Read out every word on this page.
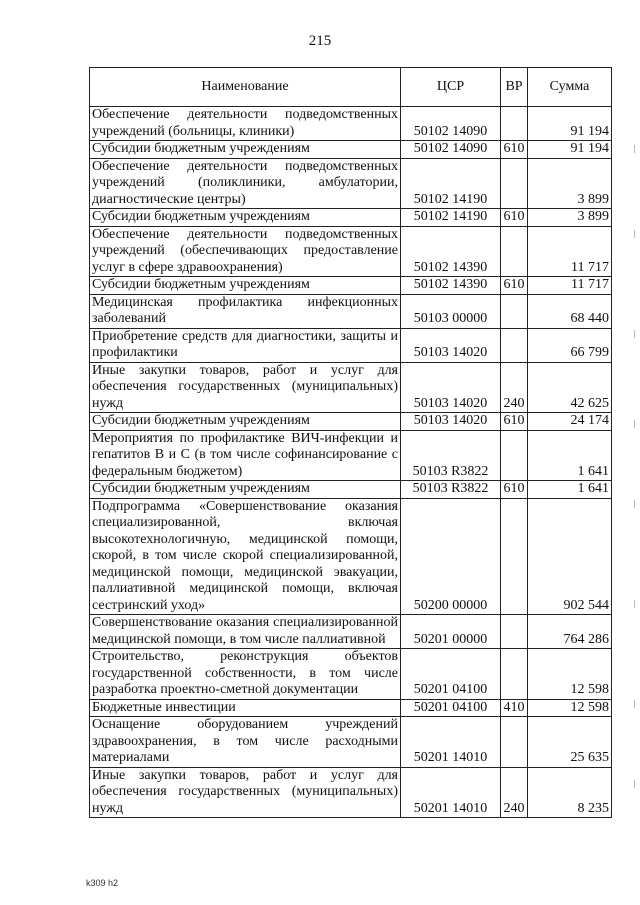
215
Наименование	ЦСР	ВР	Сумма
Обеспечение деятельности подведомственных учреждений (больницы, клиники)	50102 14090		91 194
Субсидии бюджетным учреждениям	50102 14090	610	91 194
Обеспечение деятельности подведомственных учреждений (поликлиники, амбулатории, диагностические центры)	50102 14190		3 899
Субсидии бюджетным учреждениям	50102 14190	610	3 899
Обеспечение деятельности подведомственных учреждений (обеспечивающих предоставление услуг в сфере здравоохранения)	50102 14390		11 717
Субсидии бюджетным учреждениям	50102 14390	610	11 717
Медицинская профилактика инфекционных заболеваний	50103 00000		68 440
Приобретение средств для диагностики, защиты и профилактики	50103 14020		66 799
Иные закупки товаров, работ и услуг для обеспечения государственных (муниципальных) нужд	50103 14020	240	42 625
Субсидии бюджетным учреждениям	50103 14020	610	24 174
Мероприятия по профилактике ВИЧ-инфекции и гепатитов В и С (в том числе софинансирование с федеральным бюджетом)	50103 R3822		1 641
Субсидии бюджетным учреждениям	50103 R3822	610	1 641
Подпрограмма «Совершенствование оказания специализированной, включая высокотехнологичную, медицинской помощи, скорой, в том числе скорой специализированной, медицинской помощи, медицинской эвакуации, паллиативной медицинской помощи, включая сестринский уход»	50200 00000		902 544
Совершенствование оказания специализированной медицинской помощи, в том числе паллиативной	50201 00000		764 286
Строительство, реконструкция объектов государственной собственности, в том числе разработка проектно-сметной документации	50201 04100		12 598
Бюджетные инвестиции	50201 04100	410	12 598
Оснащение оборудованием учреждений здравоохранения, в том числе расходными материалами	50201 14010		25 635
Иные закупки товаров, работ и услуг для обеспечения государственных (муниципальных) нужд	50201 14010	240	8 235
k309 h2
